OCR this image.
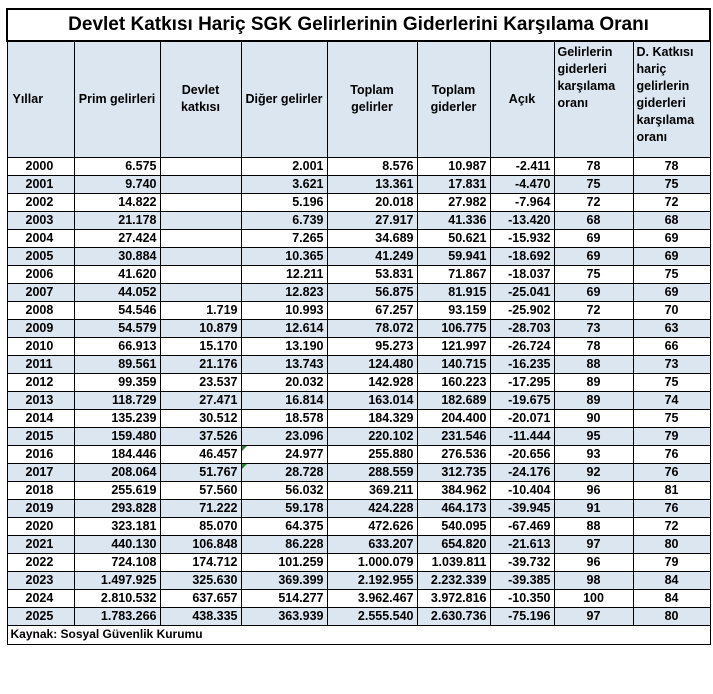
Devlet Katkısı Hariç SGK Gelirlerinin Giderlerini Karşılama Oranı								
Yıllar	Prim gelirleri	Devlet katkısı	Diğer gelirler	Toplam gelirler	Toplam giderler	Açık	Gelirlerin giderleri karşılama oranı	D. Katkısı hariç gelirlerin giderleri karşılama oranı
2000	6.575		2.001	8.576	10.987	-2.411	78	78
2001	9.740		3.621	13.361	17.831	-4.470	75	75
2002	14.822		5.196	20.018	27.982	-7.964	72	72
2003	21.178		6.739	27.917	41.336	-13.420	68	68
2004	27.424		7.265	34.689	50.621	-15.932	69	69
2005	30.884		10.365	41.249	59.941	-18.692	69	69
2006	41.620		12.211	53.831	71.867	-18.037	75	75
2007	44.052		12.823	56.875	81.915	-25.041	69	69
2008	54.546	1.719	10.993	67.257	93.159	-25.902	72	70
2009	54.579	10.879	12.614	78.072	106.775	-28.703	73	63
2010	66.913	15.170	13.190	95.273	121.997	-26.724	78	66
2011	89.561	21.176	13.743	124.480	140.715	-16.235	88	73
2012	99.359	23.537	20.032	142.928	160.223	-17.295	89	75
2013	118.729	27.471	16.814	163.014	182.689	-19.675	89	74
2014	135.239	30.512	18.578	184.329	204.400	-20.071	90	75
2015	159.480	37.526	23.096	220.102	231.546	-11.444	95	79
2016	184.446	46.457	24.977	255.880	276.536	-20.656	93	76
2017	208.064	51.767	28.728	288.559	312.735	-24.176	92	76
2018	255.619	57.560	56.032	369.211	384.962	-10.404	96	81
2019	293.828	71.222	59.178	424.228	464.173	-39.945	91	76
2020	323.181	85.070	64.375	472.626	540.095	-67.469	88	72
2021	440.130	106.848	86.228	633.207	654.820	-21.613	97	80
2022	724.108	174.712	101.259	1.000.079	1.039.811	-39.732	96	79
2023	1.497.925	325.630	369.399	2.192.955	2.232.339	-39.385	98	84
2024	2.810.532	637.657	514.277	3.962.467	3.972.816	-10.350	100	84
2025	1.783.266	438.335	363.939	2.555.540	2.630.736	-75.196	97	80
Kaynak: Sosyal Güvenlik Kurumu								
